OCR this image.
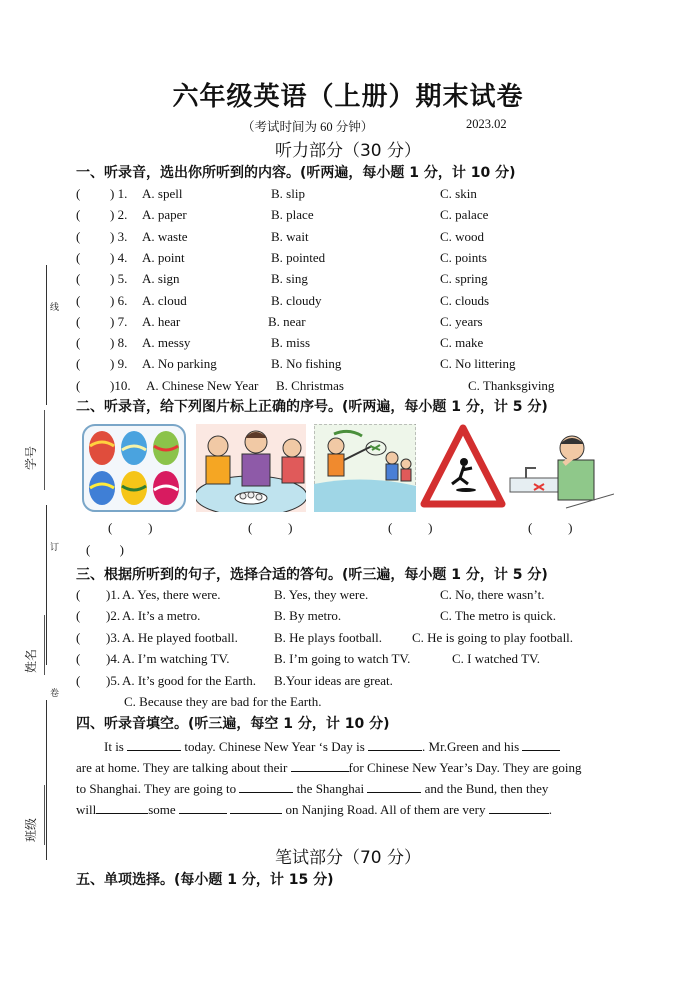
线
订
卷
学号
姓名
班级
六年级英语（上册）期末试卷
（考试时间为 60 分钟）	2023.02
听力部分（30 分）
一、听录音，选出你所听到的内容。(听两遍，每小题 1 分，计 10 分)
( ) 1. A. spell	B. slip	C. skin
( ) 2. A. paper	B. place	C. palace
( ) 3. A. waste	B. wait	C. wood
( ) 4. A. point	B. pointed	C. points
( ) 5. A. sign	B. sing	C. spring
( ) 6. A. cloud	B. cloudy	C. clouds
( ) 7. A. hear	B. near	C. years
( ) 8. A. messy	B. miss	C. make
( ) 9. A. No parking	B. No fishing	C. No littering
( )10. A. Chinese New Year B. Christmas	C. Thanksgiving
二、听录音，给下列图片标上正确的序号。(听两遍，每小题 1 分，计 5 分)
(           )	(           )	(           )	(           )
(         )
三、根据所听到的句子，选择合适的答句。(听三遍，每小题 1 分，计 5 分)
( )1. A. Yes, there were.	B. Yes, they were.	C. No, there wasn’t.
( )2. A. It’s a metro.	B. By metro.	C. The metro is quick.
( )3. A. He played football.	B. He plays football. C. He is going to play football.
( )4. A. I’m watching TV.	B. I’m going to watch TV.	C. I watched TV.
( )5. A. It’s good for the Earth. B.Your ideas are great.
C. Because they are bad for the Earth.
四、听录音填空。(听三遍，每空 1 分，计 10 分)
It is	today. Chinese New Year ‘s Day is	. Mr.Green and his
are at home. They are talking about their	for Chinese New Year’s Day. They are going
to Shanghai. They are going to	the Shanghai	and the Bund, then they
will	some	on Nanjing Road. All of them are very	.
笔试部分（70 分）
五、单项选择。(每小题 1 分，计 15 分)
